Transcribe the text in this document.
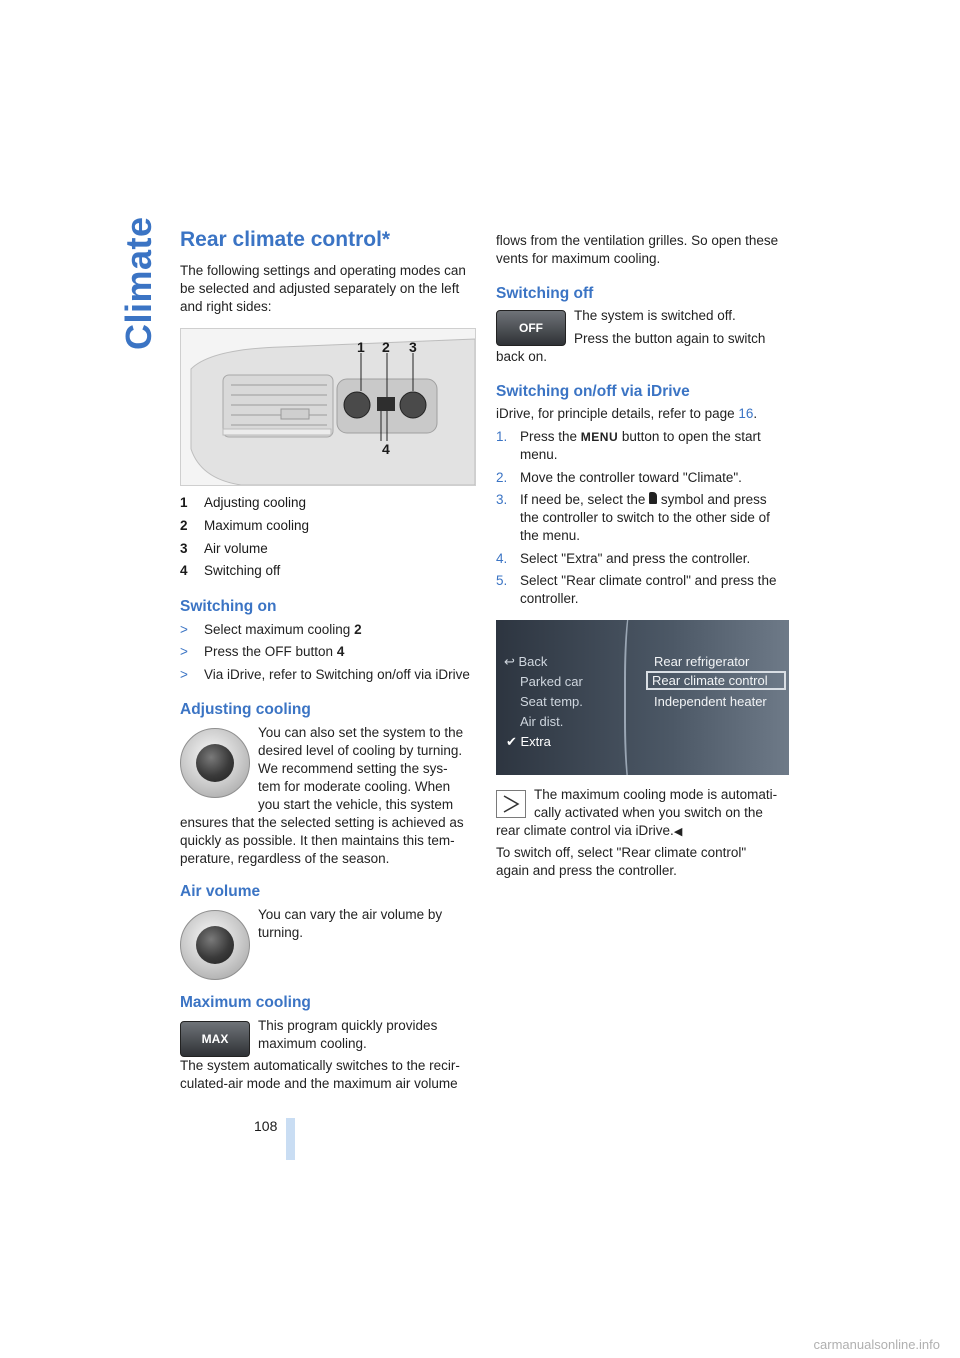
Climate Rear climate control*

The following settings and operating modes can be selected and adjusted separately on the left and right sides:

1 2 3
4
1 Adjusting cooling
2 Maximum cooling
3 Air volume
4 Switching off
Switching on
> Select maximum cooling 2
> Press the OFF button 4
> Via iDrive, refer to Switching on/off via iDrive
Adjusting cooling

You can also set the system to the

desired level of cooling by turning.

We recommend setting the sys-

tem for moderate cooling. When

you start the vehicle, this system

ensures that the selected setting is achieved as

quickly as possible. It then maintains this tem-

perature, regardless of the season.

Air volume

You can vary the air volume by

turning.

Maximum cooling
MAX

This program quickly provides

maximum cooling.

The system automatically switches to the recir-

culated-air mode and the maximum air volume

flows from the ventilation grilles. So open these

vents for maximum cooling.

Switching off
OFF

The system is switched off.

Press the button again to switch

back on.

Switching on/off via iDrive

iDrive, for principle details, refer to page 16.

1. Press the MENU button to open the start

menu.

2. Move the controller toward "Climate".

3. If need be, select the  symbol and press

the controller to switch to the other side of

the menu.

4. Select "Extra" and press the controller.

5. Select "Rear climate control" and press the

controller.

↩ Back
Parked car
Seat temp.
Air dist.
✔ Extra
Rear refrigerator
Rear climate control
Independent heater

The maximum cooling mode is automati-

cally activated when you switch on the

rear climate control via iDrive.◀

To switch off, select "Rear climate control"

again and press the controller.

108
carmanualsonline.info
